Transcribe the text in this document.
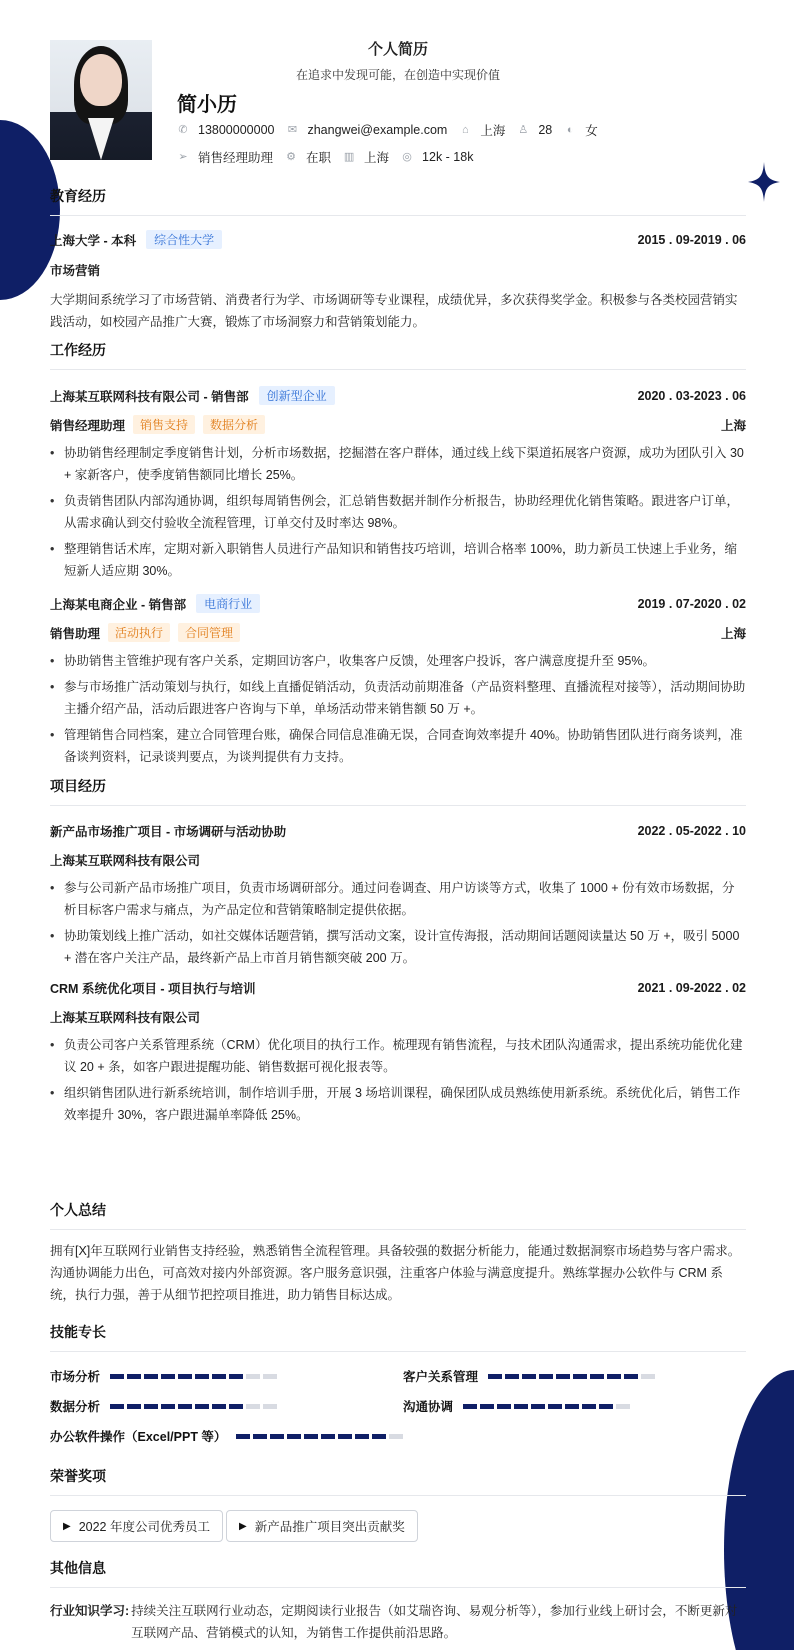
个人简历
在追求中发现可能，在创造中实现价值
简小历
✆ 13800000000 ✉ zhangwei@example.com ⌂ 上海 ♙ 28 ◐ 女
➢ 销售经理助理 ⚙ 在职 ▥ 上海 ◎ 12k - 18k
教育经历
上海大学 - 本科	综合性大学	2015 . 09-2019 . 06
市场营销
大学期间系统学习了市场营销、消费者行为学、市场调研等专业课程，成绩优异，多次获得奖学金。积极参与各类校园营销实践活动，如校园产品推广大赛，锻炼了市场洞察力和营销策划能力。
工作经历
上海某互联网科技有限公司 - 销售部	创新型企业	2020 . 03-2023 . 06
销售经理助理	销售支持	数据分析	上海
• 协助销售经理制定季度销售计划，分析市场数据，挖掘潜在客户群体，通过线上线下渠道拓展客户资源，成功为团队引入 30 + 家新客户，使季度销售额同比增长 25%。
• 负责销售团队内部沟通协调，组织每周销售例会，汇总销售数据并制作分析报告，协助经理优化销售策略。跟进客户订单，从需求确认到交付验收全流程管理，订单交付及时率达 98%。
• 整理销售话术库，定期对新入职销售人员进行产品知识和销售技巧培训，培训合格率 100%，助力新员工快速上手业务，缩短新人适应期 30%。
上海某电商企业 - 销售部	电商行业	2019 . 07-2020 . 02
销售助理	活动执行	合同管理	上海
• 协助销售主管维护现有客户关系，定期回访客户，收集客户反馈，处理客户投诉，客户满意度提升至 95%。
• 参与市场推广活动策划与执行，如线上直播促销活动，负责活动前期准备（产品资料整理、直播流程对接等），活动期间协助主播介绍产品，活动后跟进客户咨询与下单，单场活动带来销售额 50 万 +。
• 管理销售合同档案，建立合同管理台账，确保合同信息准确无误，合同查询效率提升 40%。协助销售团队进行商务谈判，准备谈判资料，记录谈判要点，为谈判提供有力支持。
项目经历
新产品市场推广项目 - 市场调研与活动协助	2022 . 05-2022 . 10
上海某互联网科技有限公司
• 参与公司新产品市场推广项目，负责市场调研部分。通过问卷调查、用户访谈等方式，收集了 1000 + 份有效市场数据，分析目标客户需求与痛点，为产品定位和营销策略制定提供依据。
• 协助策划线上推广活动，如社交媒体话题营销，撰写活动文案，设计宣传海报，活动期间话题阅读量达 50 万 +，吸引 5000 + 潜在客户关注产品，最终新产品上市首月销售额突破 200 万。
CRM 系统优化项目 - 项目执行与培训	2021 . 09-2022 . 02
上海某互联网科技有限公司
• 负责公司客户关系管理系统（CRM）优化项目的执行工作。梳理现有销售流程，与技术团队沟通需求，提出系统功能优化建议 20 + 条，如客户跟进提醒功能、销售数据可视化报表等。
• 组织销售团队进行新系统培训，制作培训手册，开展 3 场培训课程，确保团队成员熟练使用新系统。系统优化后，销售工作效率提升 30%，客户跟进漏单率降低 25%。
个人总结
拥有[X]年互联网行业销售支持经验，熟悉销售全流程管理。具备较强的数据分析能力，能通过数据洞察市场趋势与客户需求。沟通协调能力出色，可高效对接内外部资源。客户服务意识强，注重客户体验与满意度提升。熟练掌握办公软件与 CRM 系统，执行力强，善于从细节把控项目推进，助力销售目标达成。
技能专长
市场分析	客户关系管理
数据分析	沟通协调
办公软件操作（Excel/PPT 等）
荣誉奖项
▶ 2022 年度公司优秀员工	▶ 新产品推广项目突出贡献奖
其他信息
行业知识学习: 持续关注互联网行业动态，定期阅读行业报告（如艾瑞咨询、易观分析等），参加行业线上研讨会，不断更新对互联网产品、营销模式的认知，为销售工作提供前沿思路。
